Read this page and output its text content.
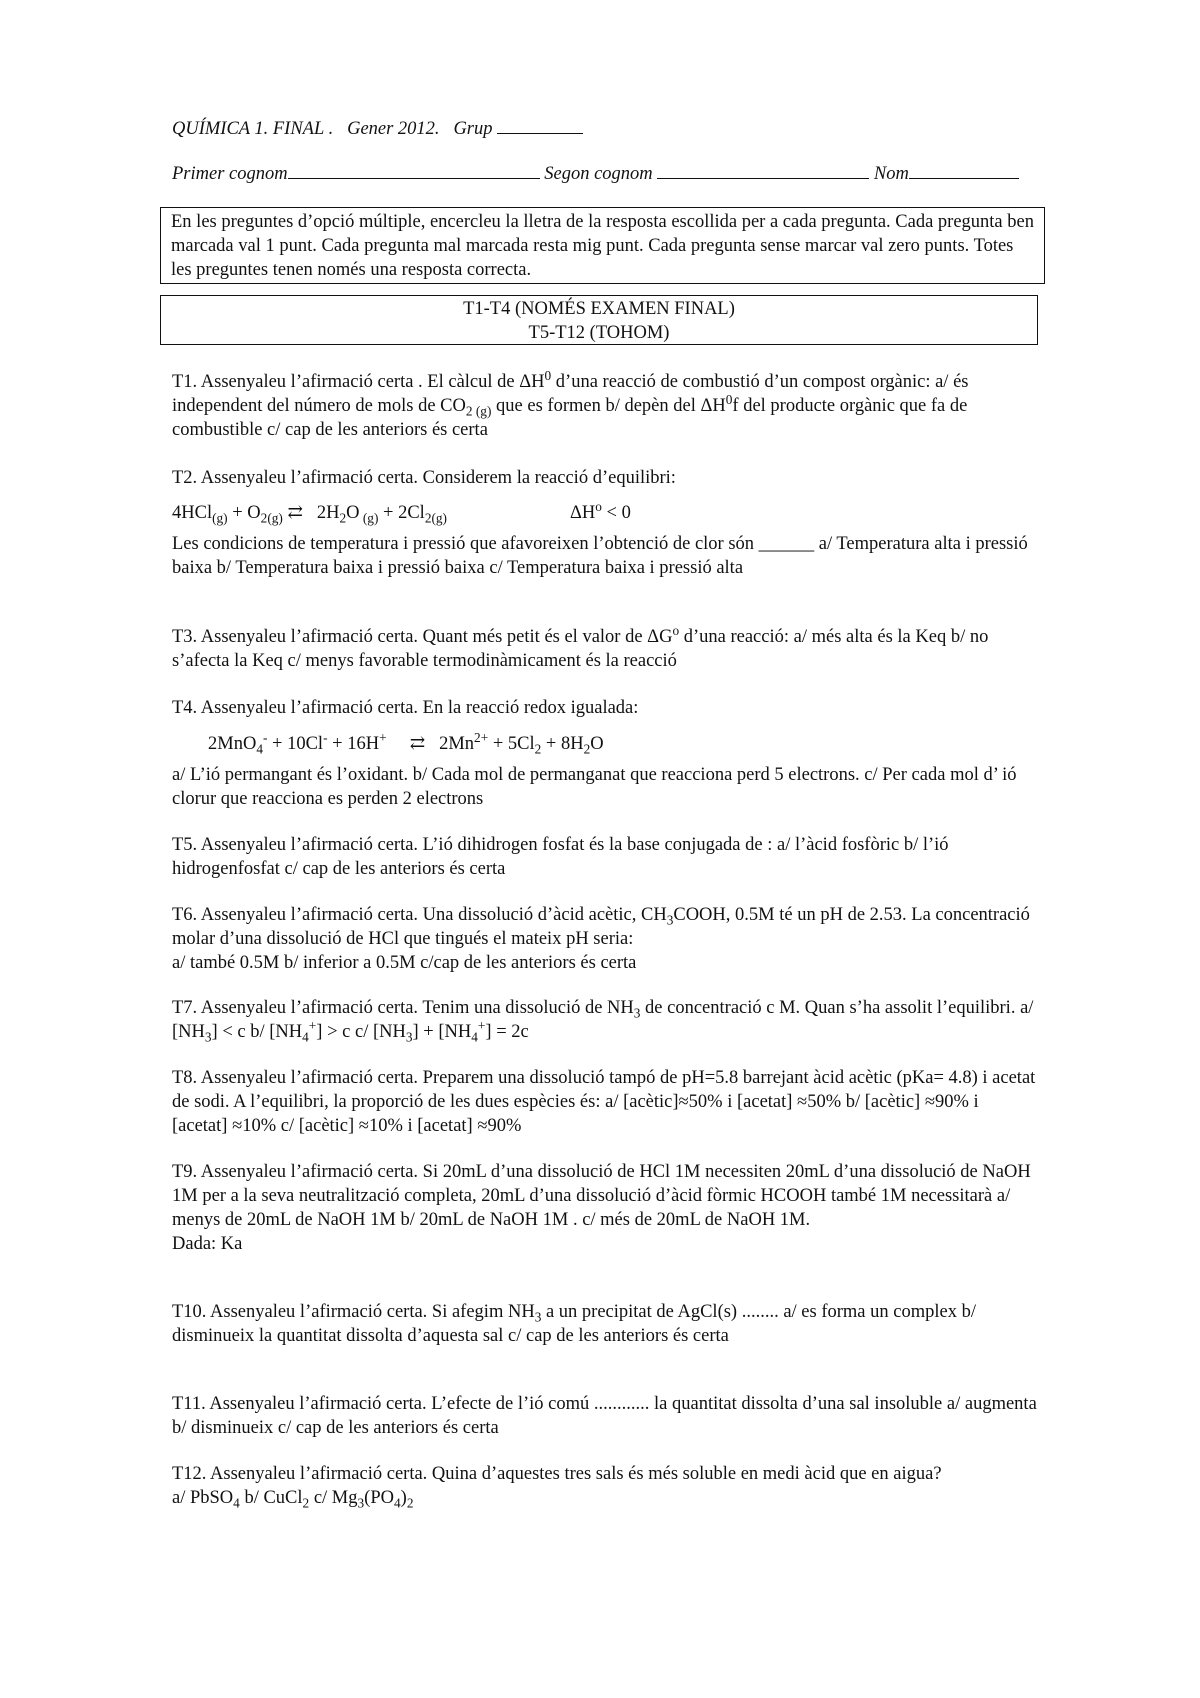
QUÍMICA 1. FINAL . Gener 2012. Grup
Primer cognom	Segon cognom	Nom
En les preguntes d’opció múltiple, encercleu la lletra de la resposta escollida per a cada pregunta. Cada pregunta ben marcada val 1 punt. Cada pregunta mal marcada resta mig punt. Cada pregunta sense marcar val zero punts. Totes les preguntes tenen només una resposta correcta.
T1-T4 (NOMÉS EXAMEN FINAL)
T5-T12 (TOHOM)
T1. Assenyaleu l’afirmació certa . El càlcul de $\Delta H^0$ d’una reacció de combustió d’un compost orgànic: a/ és independent del número de mols de $CO_{2 (g)}$ que es formen b/ depèn del $\Delta H^0f$ del producte orgànic que fa de combustible c/ cap de les anteriors és certa
T2. Assenyaleu l’afirmació certa. Considerem la reacció d’equilibri:
$4HCl_{(g)} + O_{2(g)}$ ⇄ $2H_2O$ $_{(g)} + 2Cl_{2(g)}$	$\Delta H^o < 0$
Les condicions de temperatura i pressió que afavoreixen l’obtenció de clor són ______ a/ Temperatura alta i pressió baixa b/ Temperatura baixa i pressió baixa c/ Temperatura baixa i pressió alta
T3. Assenyaleu l’afirmació certa. Quant més petit és el valor de $\Delta G^o$ d’una reacció: a/ més alta és la Keq b/ no s’afecta la Keq c/ menys favorable termodinàmicament és la reacció
T4. Assenyaleu l’afirmació certa. En la reacció redox igualada:
2MnO$_4$- + 10Cl- + 16H+ ⇄ $2Mn^{2+} + 5Cl_2 + 8H_2O$
a/ L’ió permangant és l’oxidant. b/ Cada mol de permanganat que reacciona perd 5 electrons. c/ Per cada mol d’ ió clorur que reacciona es perden 2 electrons
T5. Assenyaleu l’afirmació certa. L’ió dihidrogen fosfat és la base conjugada de : a/ l’àcid fosfòric b/ l’ió hidrogenfosfat c/ cap de les anteriors és certa
T6. Assenyaleu l’afirmació certa. Una dissolució d’àcid acètic, $CH_3COOH$, 0.5M té un pH de 2.53. La concentració molar d’una dissolució de HCl que tingués el mateix pH seria:
a/ també 0.5M b/ inferior a 0.5M c/cap de les anteriors és certa
T7. Assenyaleu l’afirmació certa. Tenim una dissolució de $NH_3$ de concentració c M. Quan s’ha assolit l’equilibri. a/ $[NH_3] < c$ b/ $[NH_4^+] > c$ c/ $[NH_3] + [NH_4^+] = 2c$
T8. Assenyaleu l’afirmació certa. Preparem una dissolució tampó de pH=5.8 barrejant àcid acètic (pKa= 4.8) i acetat de sodi. A l’equilibri, la proporció de les dues espècies és: a/ [acètic]≈50% i [acetat] ≈50% b/ [acètic] ≈90% i [acetat] ≈10% c/ [acètic] ≈10% i [acetat] ≈90%
T9. Assenyaleu l’afirmació certa. Si 20mL d’una dissolució de HCl 1M necessiten 20mL d’una dissolució de NaOH 1M per a la seva neutralització completa, 20mL d’una dissolució d’àcid fòrmic HCOOH també 1M necessitarà a/ menys de 20mL de NaOH 1M b/ 20mL de NaOH 1M . c/ més de 20mL de NaOH 1M.
Dada: Ka
T10. Assenyaleu l’afirmació certa. Si afegim $NH_3$ a un precipitat de AgCl(s) ........ a/ es forma un complex b/ disminueix la quantitat dissolta d’aquesta sal c/ cap de les anteriors és certa
T11. Assenyaleu l’afirmació certa. L’efecte de l’ió comú ............ la quantitat dissolta d’una sal insoluble a/ augmenta b/ disminueix c/ cap de les anteriors és certa
T12. Assenyaleu l’afirmació certa. Quina d’aquestes tres sals és més soluble en medi àcid que en aigua?
a/ PbSO$_4$ b/ CuCl$_2$ c/ $Mg_3(PO_4)_2$
